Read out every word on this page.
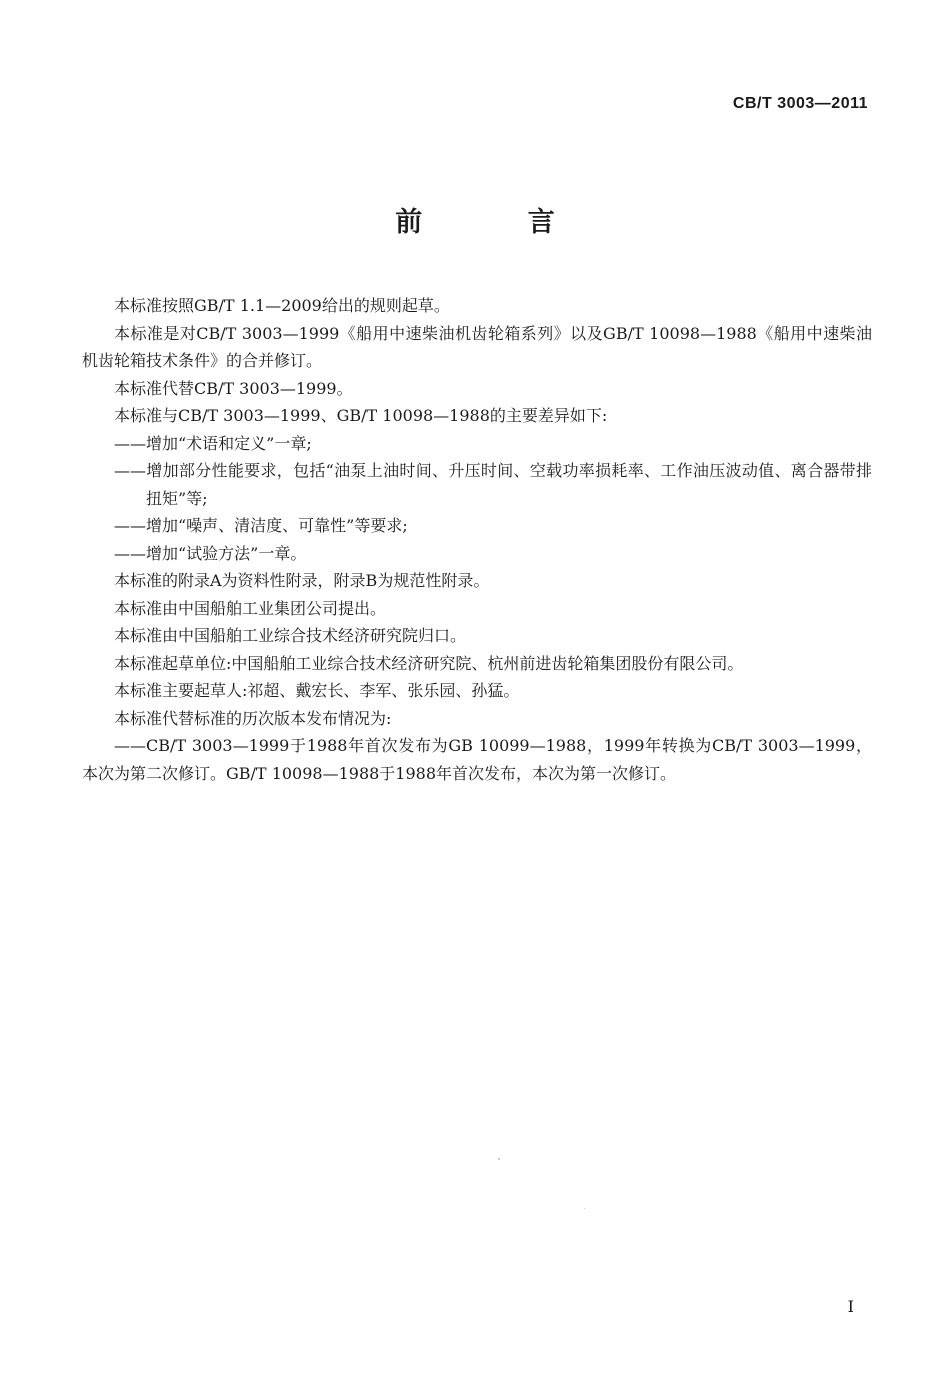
CB/T 3003—2011
前 言

本标准按照GB/T 1.1—2009给出的规则起草。

本标准是对CB/T 3003—1999《船用中速柴油机齿轮箱系列》以及GB/T 10098—1988《船用中速柴油机齿轮箱技术条件》的合并修订。

本标准代替CB/T 3003—1999。

本标准与CB/T 3003—1999、GB/T 10098—1988的主要差异如下:

——增加“术语和定义”一章;

——增加部分性能要求，包括“油泵上油时间、升压时间、空载功率损耗率、工作油压波动值、离合器带排扭矩”等;

——增加“噪声、清洁度、可靠性”等要求;

——增加“试验方法”一章。

本标准的附录A为资料性附录，附录B为规范性附录。

本标准由中国船舶工业集团公司提出。

本标准由中国船舶工业综合技术经济研究院归口。

本标准起草单位:中国船舶工业综合技术经济研究院、杭州前进齿轮箱集团股份有限公司。

本标准主要起草人:祁超、戴宏长、李军、张乐园、孙猛。

本标准代替标准的历次版本发布情况为:

——CB/T 3003—1999于1988年首次发布为GB 10099—1988，1999年转换为CB/T 3003—1999，本次为第二次修订。GB/T 10098—1988于1988年首次发布，本次为第一次修订。

I
